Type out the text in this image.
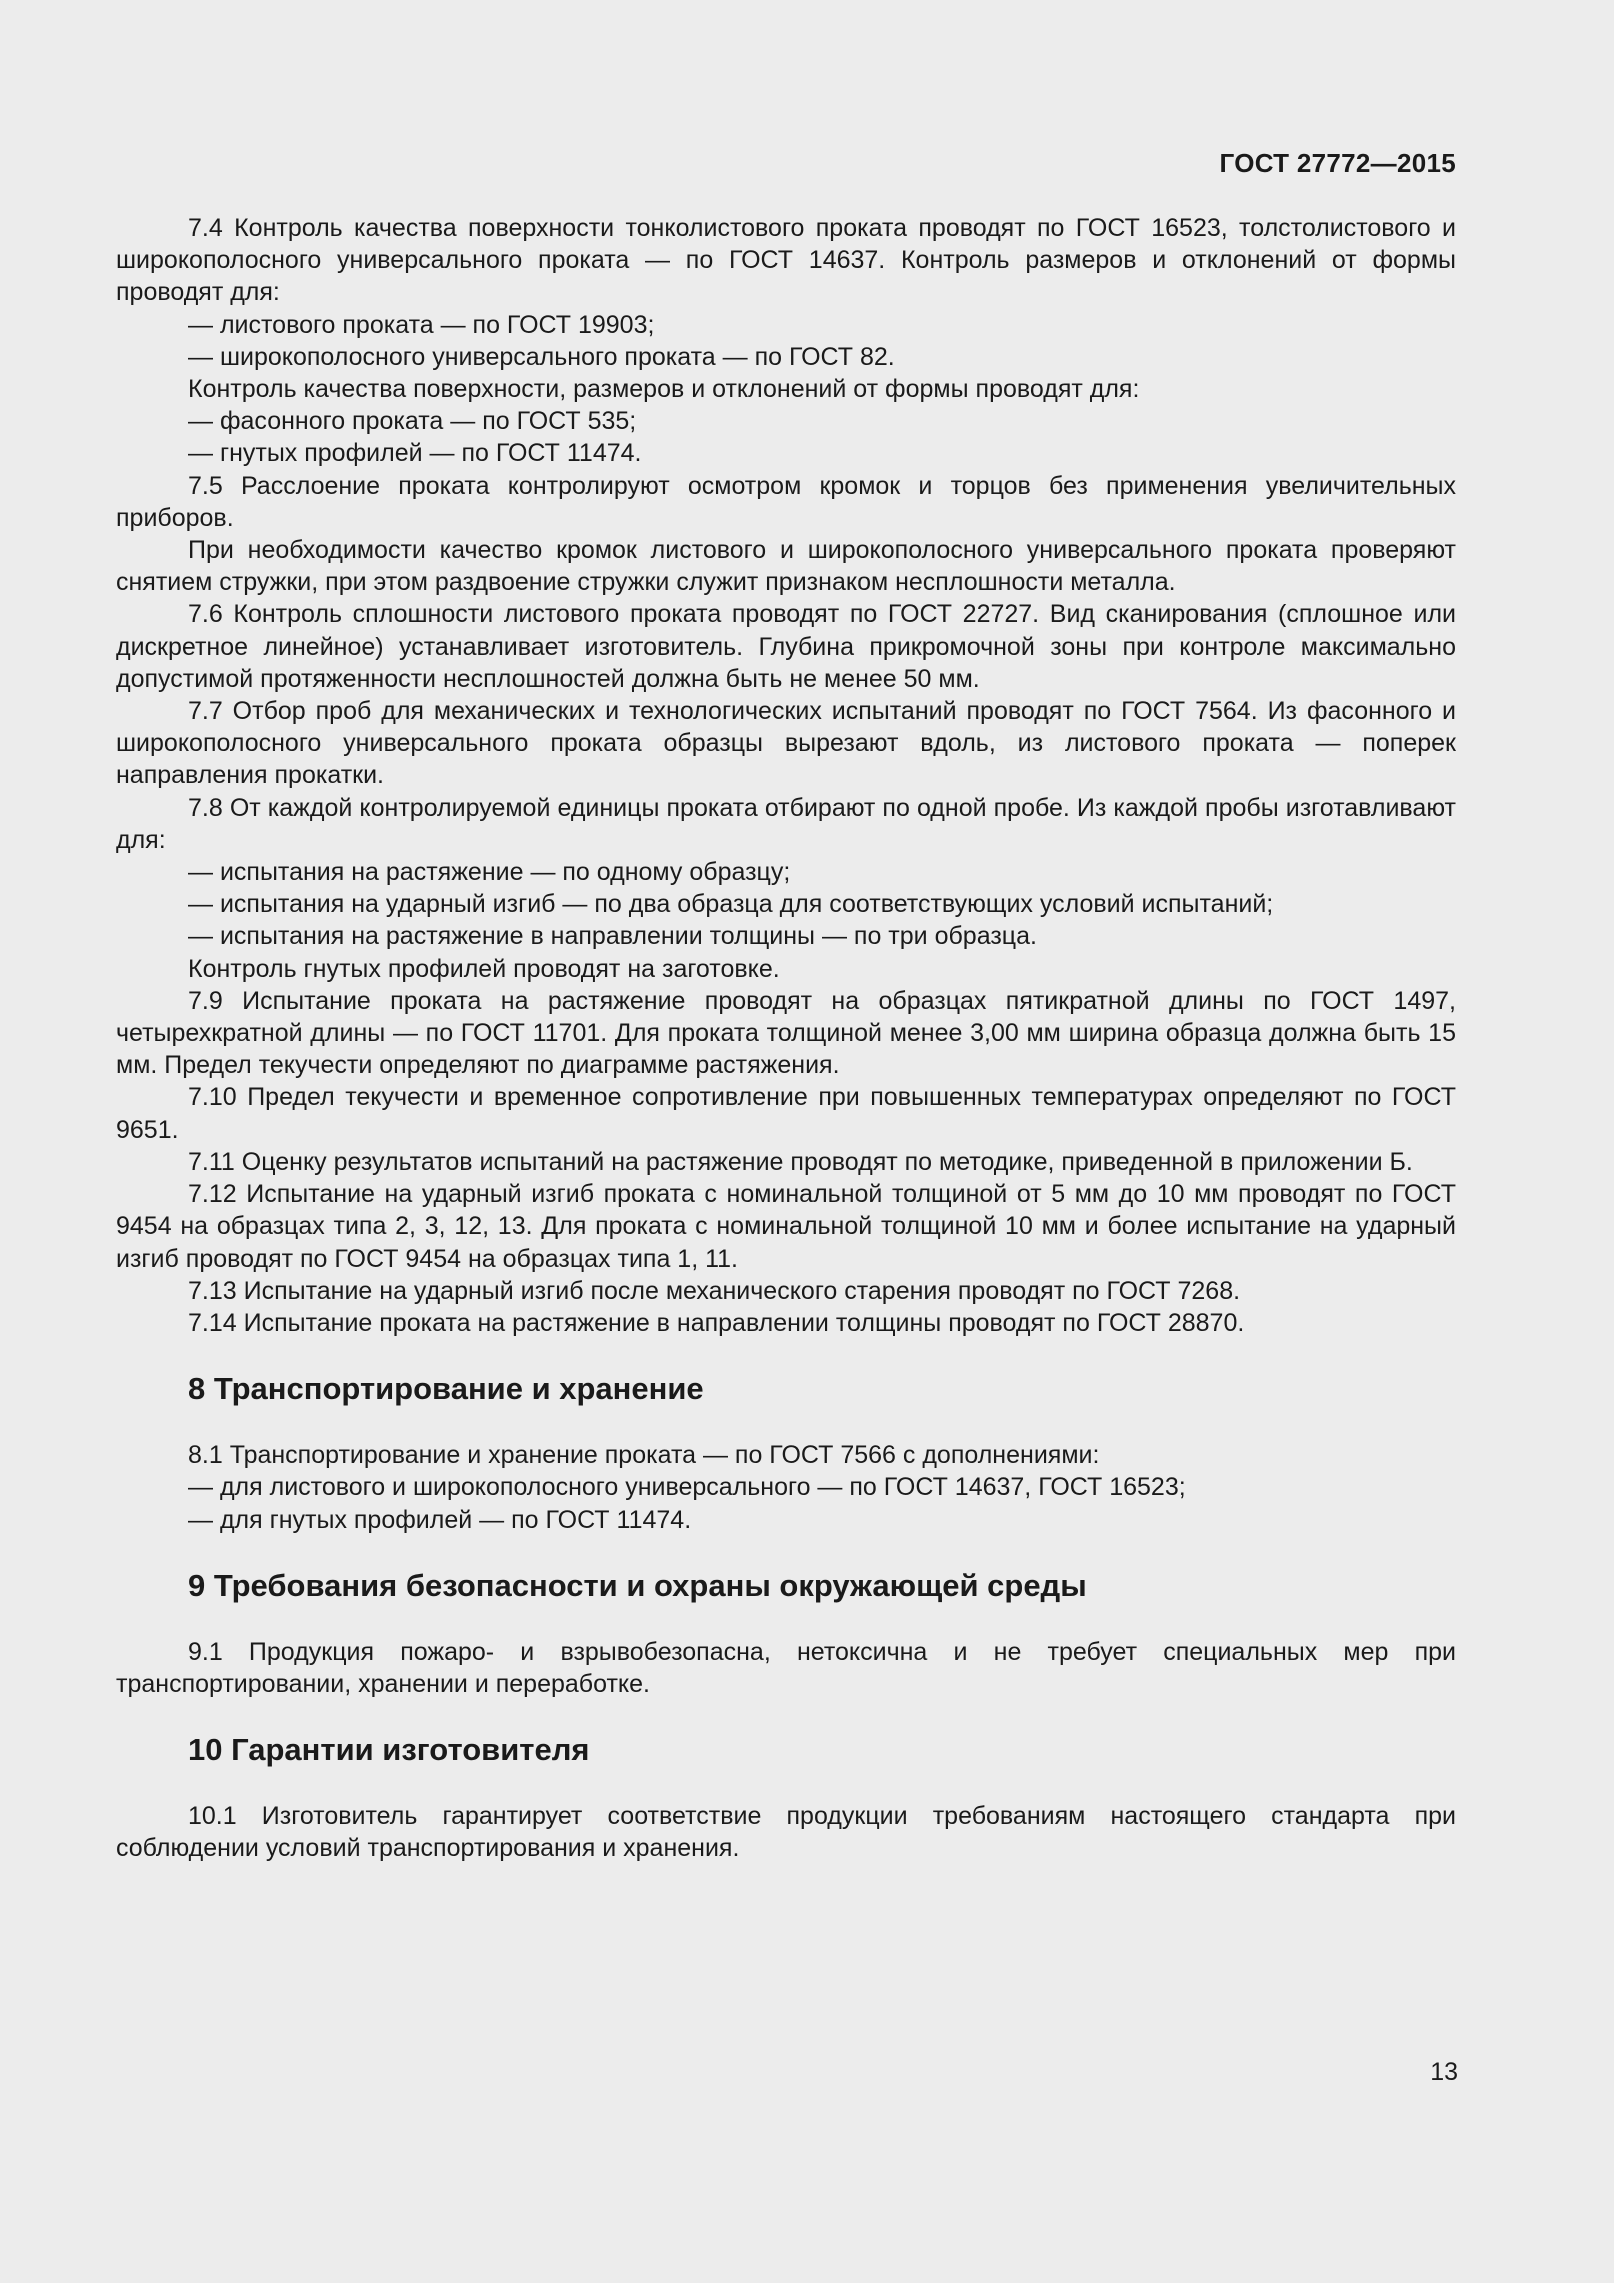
ГОСТ 27772—2015

7.4 Контроль качества поверхности тонколистового проката проводят по ГОСТ 16523, толстолистового и широкополосного универсального проката — по ГОСТ 14637. Контроль размеров и отклонений от формы проводят для:

— листового проката — по ГОСТ 19903;

— широкополосного универсального проката — по ГОСТ 82.

Контроль качества поверхности, размеров и отклонений от формы проводят для:

— фасонного проката — по ГОСТ 535;

— гнутых профилей — по ГОСТ 11474.

7.5 Расслоение проката контролируют осмотром кромок и торцов без применения увеличительных приборов.

При необходимости качество кромок листового и широкополосного универсального проката проверяют снятием стружки, при этом раздвоение стружки служит признаком несплошности металла.

7.6 Контроль сплошности листового проката проводят по ГОСТ 22727. Вид сканирования (сплошное или дискретное линейное) устанавливает изготовитель. Глубина прикромочной зоны при контроле максимально допустимой протяженности несплошностей должна быть не менее 50 мм.

7.7 Отбор проб для механических и технологических испытаний проводят по ГОСТ 7564. Из фасонного и широкополосного универсального проката образцы вырезают вдоль, из листового проката — поперек направления прокатки.

7.8 От каждой контролируемой единицы проката отбирают по одной пробе. Из каждой пробы изготавливают для:

— испытания на растяжение — по одному образцу;

— испытания на ударный изгиб — по два образца для соответствующих условий испытаний;

— испытания на растяжение в направлении толщины — по три образца.

Контроль гнутых профилей проводят на заготовке.

7.9 Испытание проката на растяжение проводят на образцах пятикратной длины по ГОСТ 1497, четырехкратной длины — по ГОСТ 11701. Для проката толщиной менее 3,00 мм ширина образца должна быть 15 мм. Предел текучести определяют по диаграмме растяжения.

7.10 Предел текучести и временное сопротивление при повышенных температурах определяют по ГОСТ 9651.

7.11 Оценку результатов испытаний на растяжение проводят по методике, приведенной в приложении Б.

7.12 Испытание на ударный изгиб проката с номинальной толщиной от 5 мм до 10 мм проводят по ГОСТ 9454 на образцах типа 2, 3, 12, 13. Для проката с номинальной толщиной 10 мм и более испытание на ударный изгиб проводят по ГОСТ 9454 на образцах типа 1, 11.

7.13 Испытание на ударный изгиб после механического старения проводят по ГОСТ 7268.

7.14 Испытание проката на растяжение в направлении толщины проводят по ГОСТ 28870.

8 Транспортирование и хранение

8.1 Транспортирование и хранение проката — по ГОСТ 7566 с дополнениями:

— для листового и широкополосного универсального — по ГОСТ 14637, ГОСТ 16523;

— для гнутых профилей — по ГОСТ 11474.

9 Требования безопасности и охраны окружающей среды

9.1 Продукция пожаро- и взрывобезопасна, нетоксична и не требует специальных мер при транспортировании, хранении и переработке.

10 Гарантии изготовителя

10.1 Изготовитель гарантирует соответствие продукции требованиям настоящего стандарта при соблюдении условий транспортирования и хранения.

13
